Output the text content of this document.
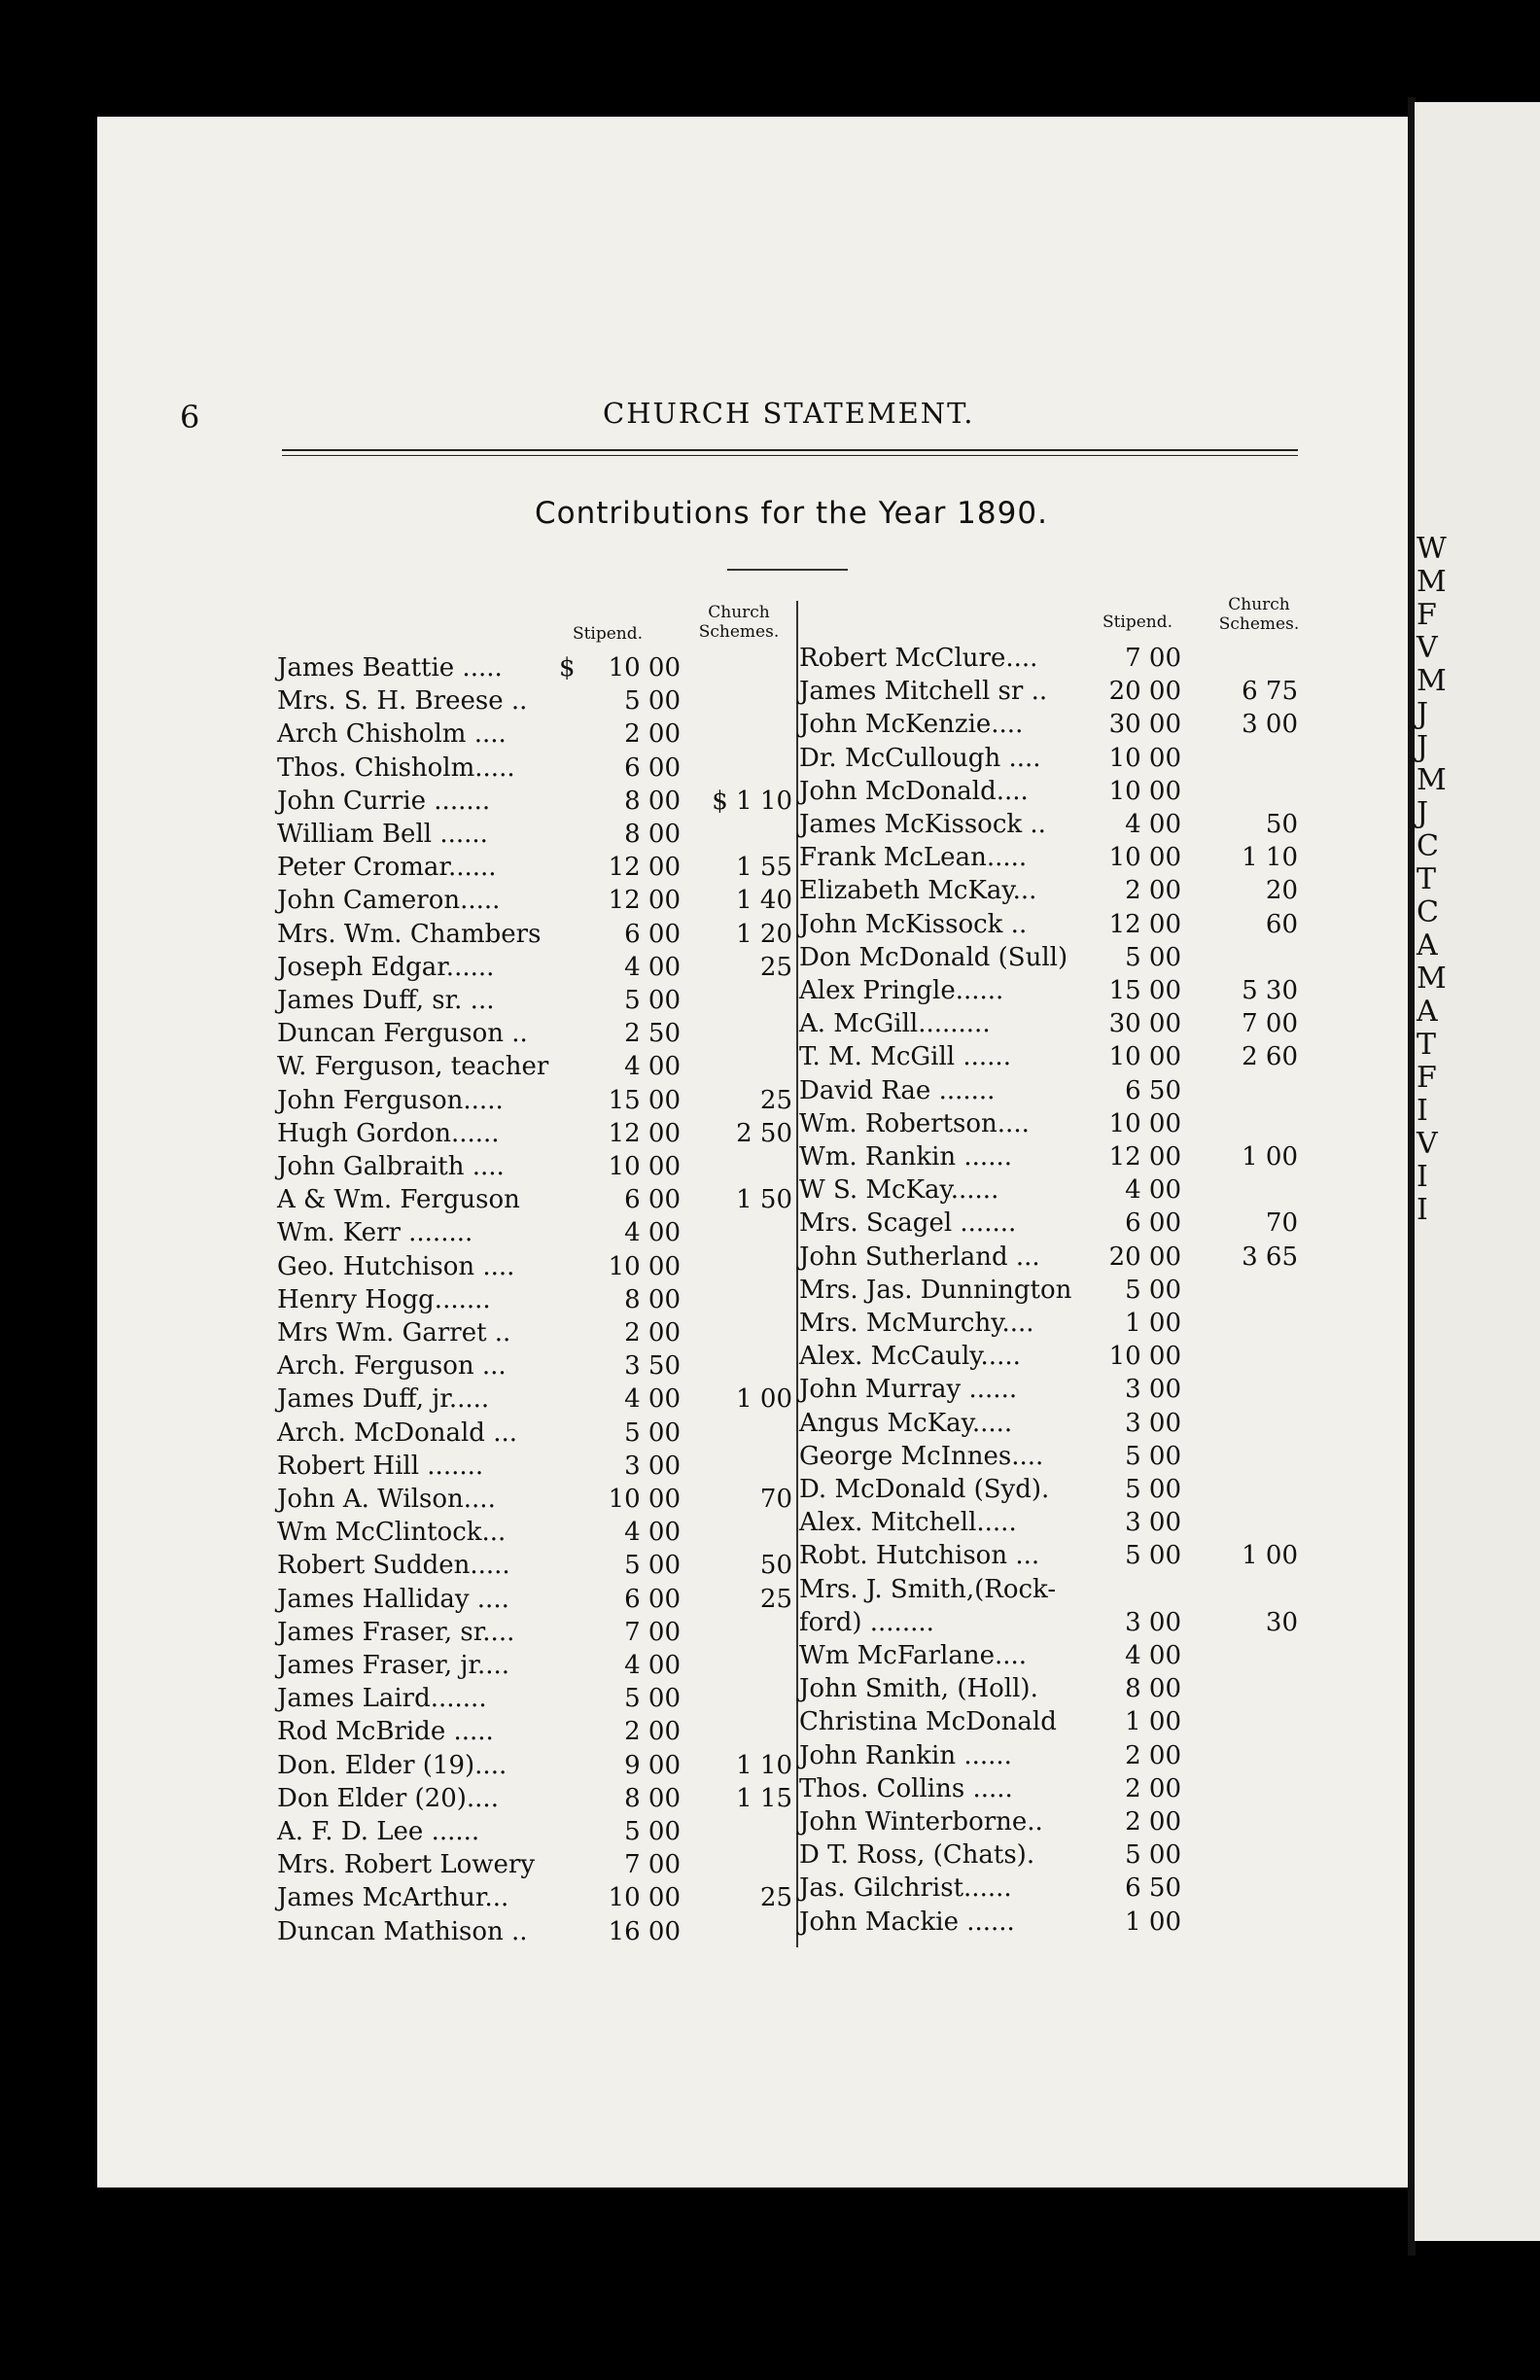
W
M
F
V
M
J
J
M
J
C
T
C
A
M
A
T
F
I
V
I
I
6	CHURCH STATEMENT.
Contributions for the Year 1890.
Stipend.
Church
Schemes.	Stipend.
Church
Schemes.
James Beattie ..... $	10 00
Mrs. S. H. Breese ..	5 00
Arch Chisholm ....	2 00
Thos. Chisholm.....	6 00
John Currie .......	8 00	$ 1 10
William Bell ......	8 00
Peter Cromar......	12 00	1 55
John Cameron.....	12 00	1 40
Mrs. Wm. Chambers	6 00	1 20
Joseph Edgar......	4 00	25
James Duff, sr. ...	5 00
Duncan Ferguson ..	2 50
W. Ferguson, teacher	4 00
John Ferguson.....	15 00	25
Hugh Gordon......	12 00	2 50
John Galbraith ....	10 00
A & Wm. Ferguson	6 00	1 50
Wm. Kerr ........	4 00
Geo. Hutchison ....	10 00
Henry Hogg.......	8 00
Mrs Wm. Garret ..	2 00
Arch. Ferguson ...	3 50
James Duff, jr.....	4 00	1 00
Arch. McDonald ...	5 00
Robert Hill .......	3 00
John A. Wilson....	10 00	70
Wm McClintock...	4 00
Robert Sudden.....	5 00	50
James Halliday ....	6 00	25
James Fraser, sr....	7 00
James Fraser, jr....	4 00
James Laird.......	5 00
Rod McBride .....	2 00
Don. Elder (19)....	9 00	1 10
Don Elder (20)....	8 00	1 15
A. F. D. Lee ......	5 00
Mrs. Robert Lowery	7 00
James McArthur...	10 00	25
Duncan Mathison ..	16 00
Robert McClure....	7 00
James Mitchell sr ..	20 00	6 75
John McKenzie....	30 00	3 00
Dr. McCullough ....	10 00
John McDonald....	10 00
James McKissock ..	4 00	50
Frank McLean.....	10 00	1 10
Elizabeth McKay...	2 00	20
John McKissock ..	12 00	60
Don McDonald (Sull)	5 00
Alex Pringle......	15 00	5 30
A. McGill.........	30 00	7 00
T. M. McGill ......	10 00	2 60
David Rae .......	6 50
Wm. Robertson....	10 00
Wm. Rankin ......	12 00	1 00
W S. McKay......	4 00
Mrs. Scagel .......	6 00	70
John Sutherland ...	20 00	3 65
Mrs. Jas. Dunnington	5 00
Mrs. McMurchy....	1 00
Alex. McCauly.....	10 00
John Murray ......	3 00
Angus McKay.....	3 00
George McInnes....	5 00
D. McDonald (Syd).	5 00
Alex. Mitchell.....	3 00
Robt. Hutchison ...	5 00	1 00
Mrs. J. Smith,(Rock-
ford) ........	3 00	30
Wm McFarlane....	4 00
John Smith, (Holl).	8 00
Christina McDonald	1 00
John Rankin ......	2 00
Thos. Collins .....	2 00
John Winterborne..	2 00
D T. Ross, (Chats).	5 00
Jas. Gilchrist......	6 50
John Mackie ......	1 00
